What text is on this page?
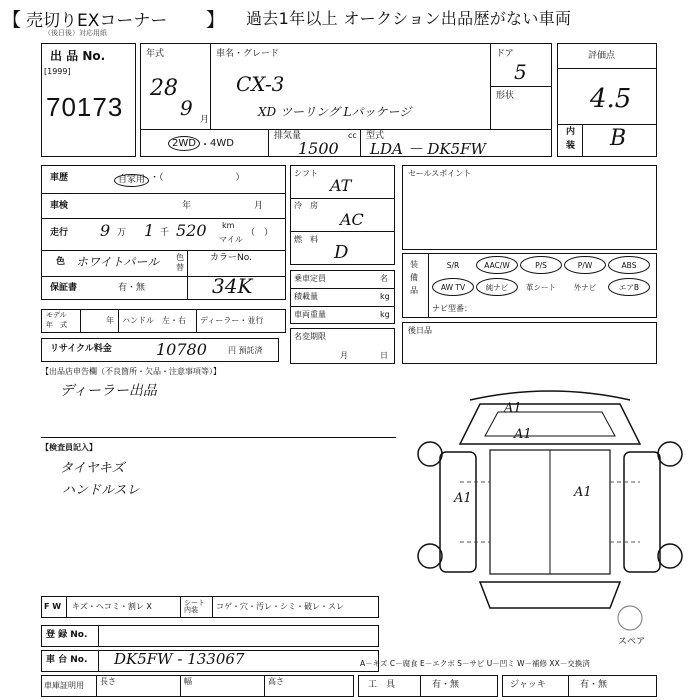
【 売切りEXコーナー 】 過去1年以上 オークション出品歴がない車両
（後日後）対応用紙
出 品 No.
[1999]
70173
年式
28
9 月
車名・グレード
CX-3
XD ツーリング Lパッケージ
ドア
5
形状
2WD ・ 4WD
排気量	cc
1500
型式
LDA － DK5FW
評価点
4.5
内
装 B
車歴	自家用 ・（　　　　　　　　）
車検	年	月
走行 9 万 1 千 520 km
マイル
（　）
色 ホワイトパール 色
替
カラーNo.
保証書	有・無	34K
モデル
年　式	年 ハンドル　左・右 ディーラー・並行
リサイクル料金	10780	円 預託済
シフト
AT
冷　房
AC
燃　料
D
乗車定員	名
積載量	kg
車両重量	kg
名変期限
月	日
セールスポイント
装　備　品
S/R	AAC/W	P/S	P/W	ABS
AW TV	純ナビ	革シート	外ナビ	エアB
ナビ型番：
後日品
【出品店申告欄（不良箇所・欠品・注意事項等）】
ディーラー出品
【検査員記入】
タイヤキズ
ハンドルスレ
A1
A1
A1	A1
スペア
F W キズ・ヘコミ・割レ X	シート内装	コゲ・穴・汚レ・シミ・破レ・スレ
登 録 No.
車 台 No. DK5FW - 133067	A－キズ C－腐食 E－エクボ S－サビ U－凹ミ W－補修 XX－交換済
車庫証明用 長さ	幅	高さ	工　具	有・無	ジャッキ	有・無
